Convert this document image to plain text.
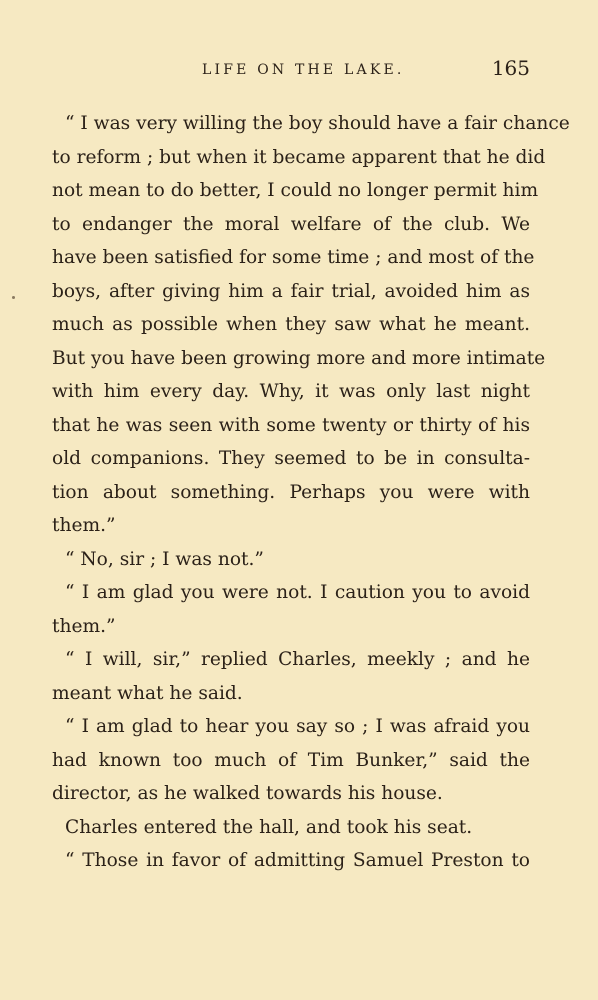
LIFE ON THE LAKE.	165
“ I was very willing the boy should have a fair chance
to reform ; but when it became apparent that he did
not mean to do better, I could no longer permit him
to endanger the moral welfare of the club. We
have been satisfied for some time ; and most of the
boys, after giving him a fair trial, avoided him as
much as possible when they saw what he meant.
But you have been growing more and more intimate
with him every day. Why, it was only last night
that he was seen with some twenty or thirty of his
old companions. They seemed to be in consulta-
tion about something. Perhaps you were with
them.”
“ No, sir ; I was not.”
“ I am glad you were not. I caution you to avoid
them.”
“ I will, sir,” replied Charles, meekly ; and he
meant what he said.
“ I am glad to hear you say so ; I was afraid you
had known too much of Tim Bunker,” said the
director, as he walked towards his house.
Charles entered the hall, and took his seat.
“ Those in favor of admitting Samuel Preston to
